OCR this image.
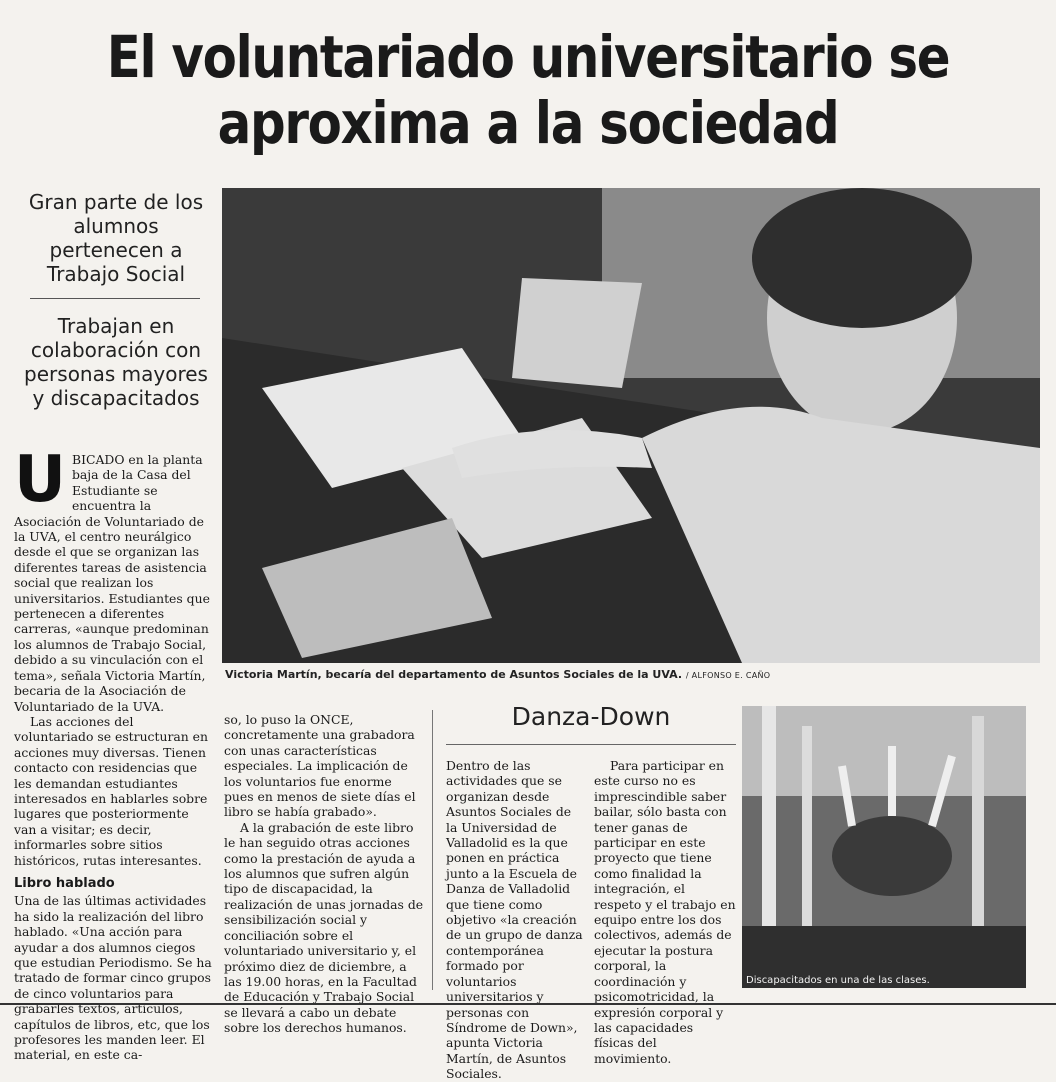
El voluntariado universitario se
aproxima a la sociedad
Gran parte de los alumnos pertenecen a Trabajo Social
Trabajan en colaboración con personas mayores y discapacitados
U BICADO en la planta baja de la Casa del Estudiante se encuentra la Asociación de Voluntariado de la UVA, el centro neurálgico desde el que se organizan las diferentes tareas de asistencia social que realizan los universitarios. Estudiantes que pertenecen a diferentes carreras, «aunque predominan los alumnos de Trabajo Social, debido a su vinculación con el tema», señala Victoria Martín, becaria de la Asociación de Voluntariado de la UVA.

Las acciones del voluntariado se estructuran en acciones muy diversas. Tienen contacto con residencias que les demandan estudiantes interesados en hablarles sobre lugares que posteriormente van a visitar; es decir, informarles sobre sitios históricos, rutas interesantes.

Libro hablado

Una de las últimas actividades ha sido la realización del libro hablado. «Una acción para ayudar a dos alumnos ciegos que estudian Periodismo. Se ha tratado de formar cinco grupos de cinco voluntarios para grabarles textos, artículos, capítulos de libros, etc, que los profesores les manden leer. El material, en este ca-

Victoria Martín, becaría del departamento de Asuntos Sociales de la UVA. / ALFONSO E. CAÑO

so, lo puso la ONCE, concretamente una grabadora con unas características especiales. La implicación de los voluntarios fue enorme pues en menos de siete días el libro se había grabado».

A la grabación de este libro le han seguido otras acciones como la prestación de ayuda a los alumnos que sufren algún tipo de discapacidad, la realización de unas jornadas de sensibilización social y conciliación sobre el voluntariado universitario y, el próximo diez de diciembre, a las 19.00 horas, en la Facultad de Educación y Trabajo Social se llevará a cabo un debate sobre los derechos humanos.

Danza-Down

Dentro de las actividades que se organizan desde Asuntos Sociales de la Universidad de Valladolid es la que ponen en práctica junto a la Escuela de Danza de Valladolid que tiene como objetivo «la creación de un grupo de danza contemporánea formado por voluntarios universitarios y personas con Síndrome de Down», apunta Victoria Martín, de Asuntos Sociales.

Para participar en este curso no es imprescindible saber bailar, sólo basta con tener ganas de participar en este proyecto que tiene como finalidad la integración, el respeto y el trabajo en equipo entre los dos colectivos, además de ejecutar la postura corporal, la coordinación y psicomotricidad, la expresión corporal y las capacidades físicas del movimiento.

Discapacitados en una de las clases.
